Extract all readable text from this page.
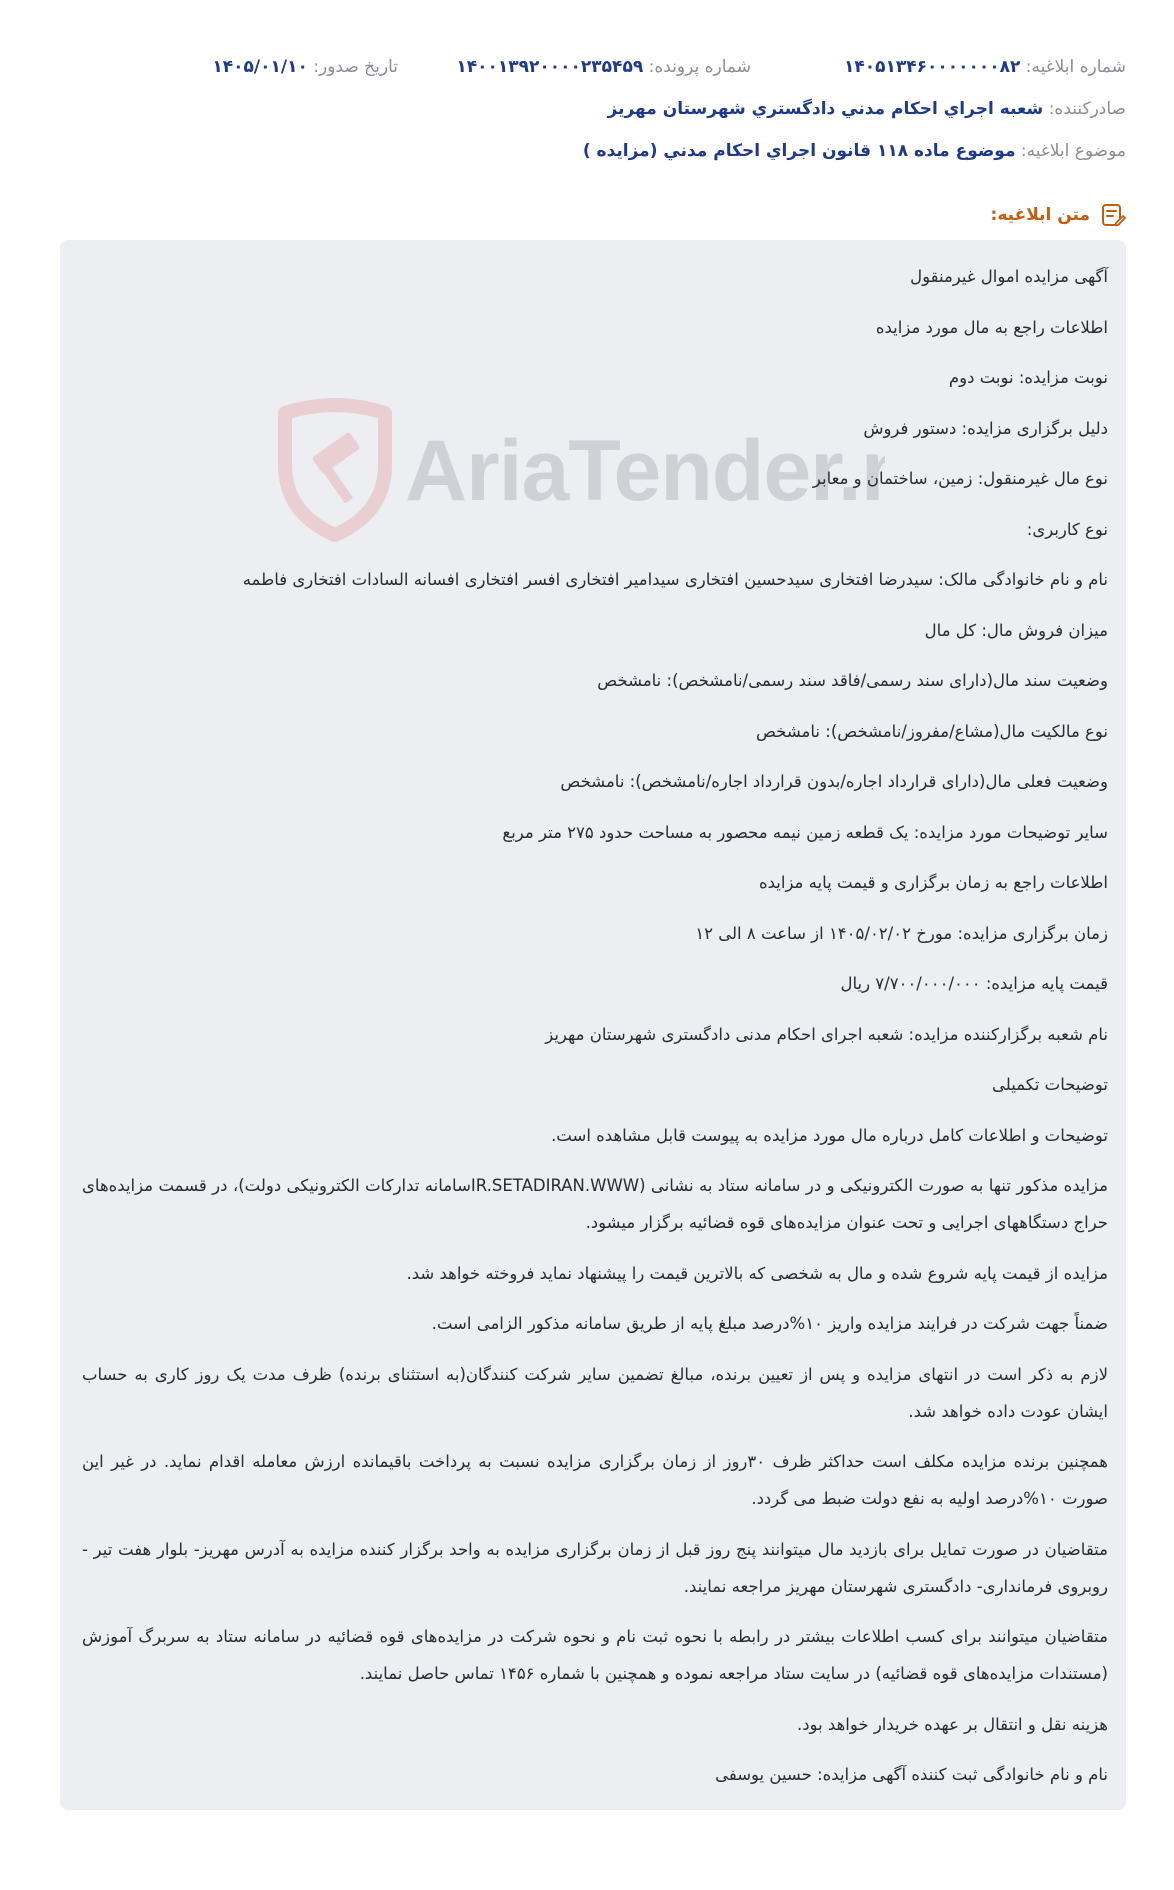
شماره ابلاغیه: ۱۴۰۵۱۳۴۶۰۰۰۰۰۰۰۸۲
شماره پرونده: ۱۴۰۰۱۳۹۲۰۰۰۰۲۳۵۴۵۹
تاریخ صدور: ۱۴۰۵/۰۱/۱۰
صادرکننده: شعبه اجراي احكام مدني دادگستري شهرستان مهريز
موضوع ابلاغیه: موضوع ماده ۱۱۸ قانون اجراي احكام مدني (مزايده )
متن ابلاغیه:
AriaTender.

آگهی مزایده اموال غیرمنقول

اطلاعات راجع به مال مورد مزایده

نوبت مزایده: نوبت دوم

دلیل برگزاری مزایده: دستور فروش

نوع مال غیرمنقول: زمین، ساختمان و معابر

نوع کاربری:

نام و نام خانوادگی مالک: سیدرضا افتخاری سیدحسین افتخاری سیدامیر افتخاری افسر افتخاری افسانه السادات افتخاری فاطمه

میزان فروش مال: کل مال

وضعیت سند مال(دارای سند رسمی/فاقد سند رسمی/نامشخص): نامشخص

نوع مالکیت مال(مشاع/مفروز/نامشخص): نامشخص

وضعیت فعلی مال(دارای قرارداد اجاره/بدون قرارداد اجاره/نامشخص): نامشخص

سایر توضیحات مورد مزایده: یک قطعه زمین نیمه محصور به مساحت حدود ۲۷۵ متر مربع

اطلاعات راجع به زمان برگزاری و قیمت پایه مزایده

زمان برگزاری مزایده: مورخ ۱۴۰۵/۰۲/۰۲ از ساعت ۸ الی ۱۲

قیمت پایه مزایده: ۷/۷۰۰/۰۰۰/۰۰۰ ریال

نام شعبه برگزارکننده مزایده: شعبه اجرای احکام مدنی دادگستری شهرستان مهریز

توضیحات تکمیلی

توضیحات و اطلاعات کامل درباره مال مورد مزایده به پیوست قابل مشاهده است.

مزایده مذکور تنها به صورت الکترونیکی و در سامانه ستاد به نشانی (IR.SETADIRAN.WWWسامانه تدارکات الکترونیکی دولت)، در قسمت مزایده‌های حراج دستگاههای اجرایی و تحت عنوان مزایده‌های قوه قضائیه برگزار میشود.

مزایده از قیمت پایه شروع شده و مال به شخصی که بالاترین قیمت را پیشنهاد نماید فروخته خواهد شد.

ضمناً جهت شرکت در فرایند مزایده واریز ۱۰%درصد مبلغ پایه از طریق سامانه مذکور الزامی است.

لازم به ذکر است در انتهای مزایده و پس از تعیین برنده، مبالغ تضمین سایر شرکت کنندگان(به استثنای برنده) ظرف مدت یک روز کاری به حساب ایشان عودت داده خواهد شد.

همچنین برنده مزایده مکلف است حداکثر ظرف ۳۰روز از زمان برگزاری مزایده نسبت به پرداخت باقیمانده ارزش معامله اقدام نماید. در غیر این صورت ۱۰%درصد اولیه به نفع دولت ضبط می گردد.

متقاضیان در صورت تمایل برای بازدید مال میتوانند پنج روز قبل از زمان برگزاری مزایده به واحد برگزار کننده مزایده به آدرس مهریز- بلوار هفت تیر - روبروی فرمانداری- دادگستری شهرستان مهریز مراجعه نمایند.

متقاضیان میتوانند برای کسب اطلاعات بیشتر در رابطه با نحوه ثبت نام و نحوه شرکت در مزایده‌های قوه قضائیه در سامانه ستاد به سربرگ آموزش (مستندات مزایده‌های قوه قضائیه) در سایت ستاد مراجعه نموده و همچنین با شماره ۱۴۵۶ تماس حاصل نمایند.

هزینه نقل و انتقال بر عهده خریدار خواهد بود.

نام و نام خانوادگی ثبت کننده آگهی مزایده: حسین یوسفی
